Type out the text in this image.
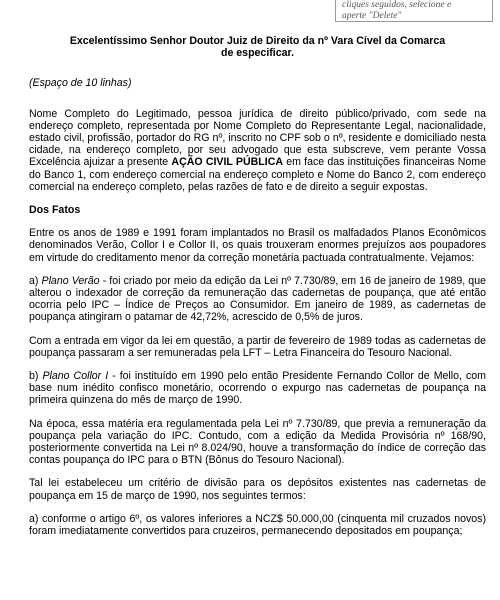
cliques seguidos, selecione e
aperte "Delete"
Excelentíssimo Senhor Doutor Juiz de Direito da nº Vara Cível da Comarca
de especificar.
(Espaço de 10 linhas)

Nome Completo do Legitimado, pessoa jurídica de direito público/privado, com sede na endereço completo, representada por Nome Completo do Representante Legal, nacionalidade, estado civil, profissão, portador do RG nº, inscrito no CPF sob o nº, residente e domiciliado nesta cidade, na endereço completo, por seu advogado que esta subscreve, vem perante Vossa Excelência ajuizar a presente AÇÃO CIVIL PÚBLICA em face das instituições financeiras Nome do Banco 1, com endereço comercial na endereço completo e Nome do Banco 2, com endereço comercial na endereço completo, pelas razões de fato e de direito a seguir expostas.

Dos Fatos

Entre os anos de 1989 e 1991 foram implantados no Brasil os malfadados Planos Econômicos denominados Verão, Collor I e Collor II, os quais trouxeram enormes prejuízos aos poupadores em virtude do creditamento menor da correção monetária pactuada contratualmente. Vejamos:

a) Plano Verão - foi criado por meio da edição da Lei nº 7.730/89, em 16 de janeiro de 1989, que alterou o indexador de correção da remuneração das cadernetas de poupança, que até então ocorria pelo IPC – Índice de Preços ao Consumidor. Em janeiro de 1989, as cadernetas de poupança atingiram o patamar de 42,72%, acrescido de 0,5% de juros.

Com a entrada em vigor da lei em questão, a partir de fevereiro de 1989 todas as cadernetas de poupança passaram a ser remuneradas pela LFT – Letra Financeira do Tesouro Nacional.

b) Plano Collor I - foi instituído em 1990 pelo então Presidente Fernando Collor de Mello, com base num inédito confisco monetário, ocorrendo o expurgo nas cadernetas de poupança na primeira quinzena do mês de março de 1990.

Na época, essa matéria era regulamentada pela Lei nº 7.730/89, que previa a remuneração da poupança pela variação do IPC. Contudo, com a edição da Medida Provisória nº 168/90, posteriormente convertida na Lei nº 8.024/90, houve a transformação do índice de correção das contas poupança do IPC para o BTN (Bônus do Tesouro Nacional).

Tal lei estabeleceu um critério de divisão para os depósitos existentes nas cadernetas de poupança em 15 de março de 1990, nos seguintes termos:

a) conforme o artigo 6º, os valores inferiores a NCZ$ 50.000,00 (cinquenta mil cruzados novos) foram imediatamente convertidos para cruzeiros, permanecendo depositados em poupança;
